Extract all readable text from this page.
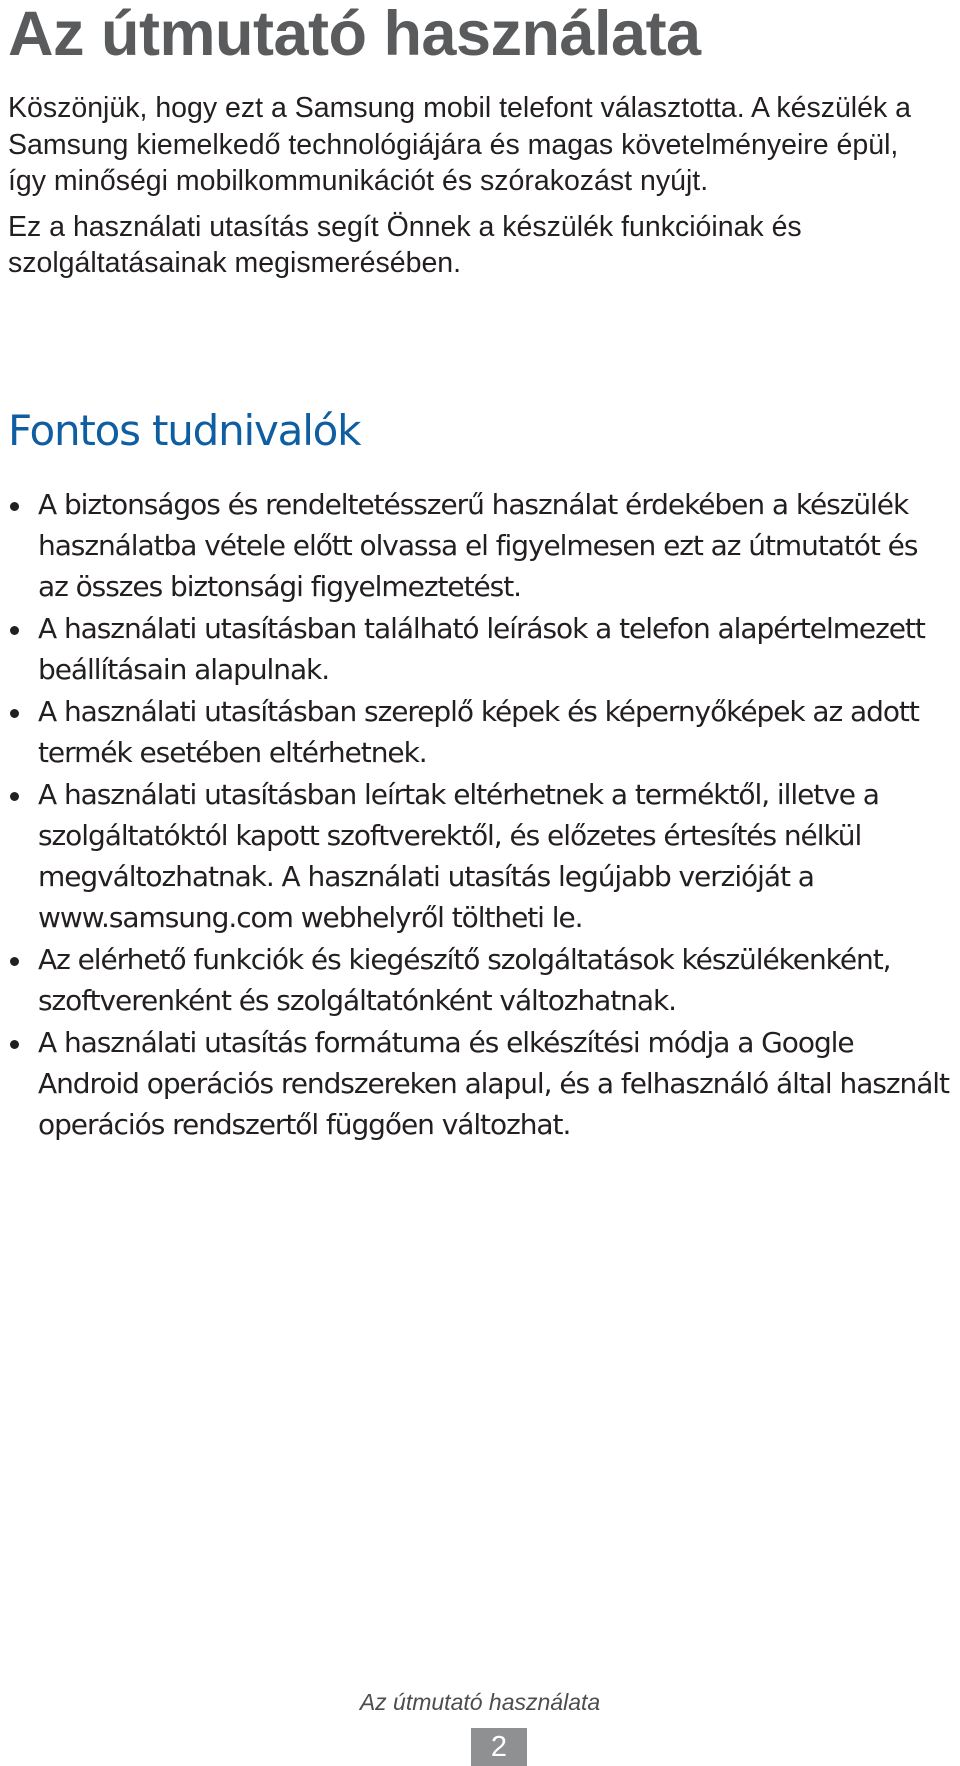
Az útmutató használata

Köszönjük, hogy ezt a Samsung mobil telefont választotta. A készülék a Samsung kiemelkedő technológiájára és magas követelményeire épül, így minőségi mobilkommunikációt és szórakozást nyújt.

Ez a használati utasítás segít Önnek a készülék funkcióinak és szolgáltatásainak megismerésében.

Fontos tudnivalók
A biztonságos és rendeltetésszerű használat érdekében a készülék használatba vétele előtt olvassa el figyelmesen ezt az útmutatót és az összes biztonsági figyelmeztetést.
A használati utasításban található leírások a telefon alapértelmezett beállításain alapulnak.
A használati utasításban szereplő képek és képernyőképek az adott termék esetében eltérhetnek.
A használati utasításban leírtak eltérhetnek a terméktől, illetve a szolgáltatóktól kapott szoftverektől, és előzetes értesítés nélkül megváltozhatnak. A használati utasítás legújabb verzióját a www.samsung.com webhelyről töltheti le.
Az elérhető funkciók és kiegészítő szolgáltatások készülékenként, szoftverenként és szolgáltatónként változhatnak.
A használati utasítás formátuma és elkészítési módja a Google Android operációs rendszereken alapul, és a felhasználó által használt operációs rendszertől függően változhat.
Az útmutató használata
2
